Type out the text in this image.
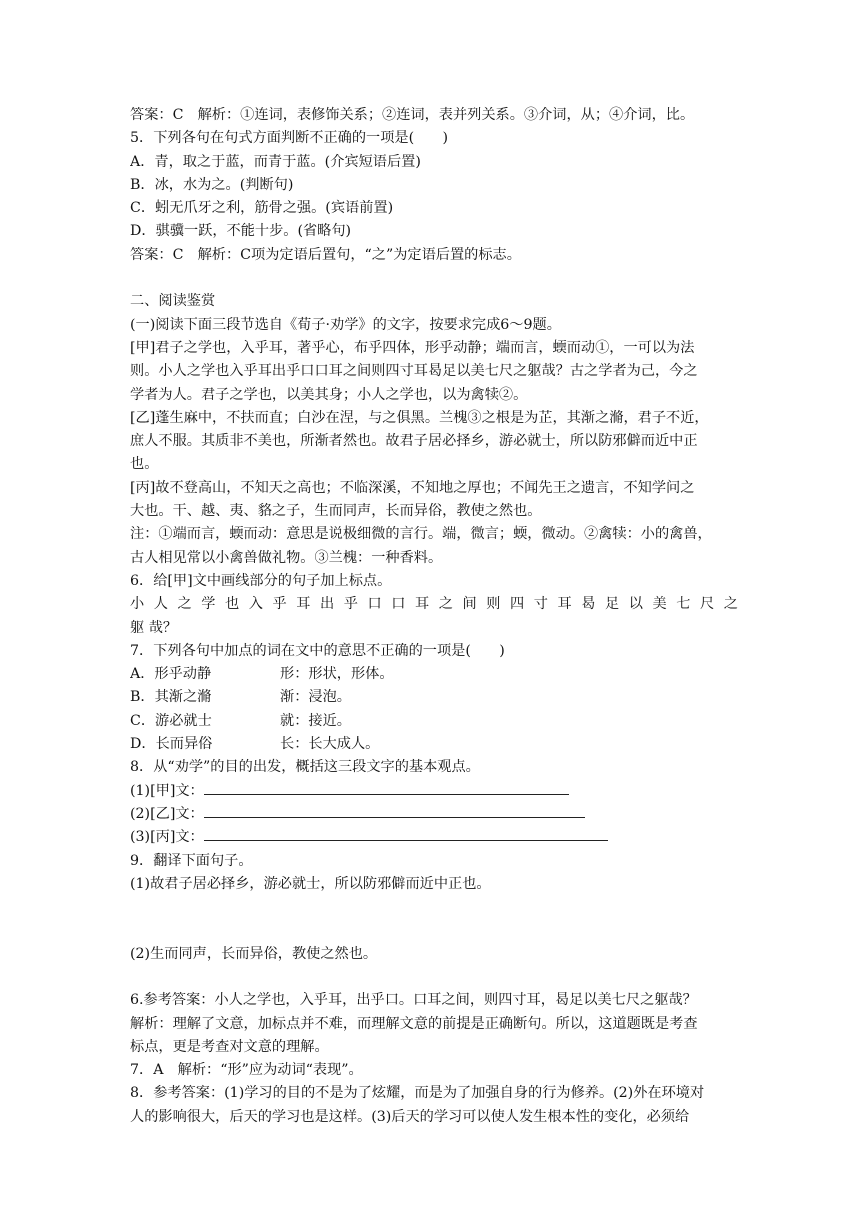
答案：C　解析：①连词，表修饰关系；②连词，表并列关系。③介词，从；④介词，比。
5．下列各句在句式方面判断不正确的一项是(　　)
A．青，取之于蓝，而青于蓝。(介宾短语后置)
B．冰，水为之。(判断句)
C．蚓无爪牙之利，筋骨之强。(宾语前置)
D．骐骥一跃，不能十步。(省略句)
答案：C　解析：C项为定语后置句，“之”为定语后置的标志。
二、阅读鉴赏
(一)阅读下面三段节选自《荀子·劝学》的文字，按要求完成6～9题。
[甲]君子之学也，入乎耳，著乎心，布乎四体，形乎动静；端而言，蝡而动①，一可以为法
则。小人之学也入乎耳出乎口口耳之间则四寸耳曷足以美七尺之躯哉？古之学者为己，今之
学者为人。君子之学也，以美其身；小人之学也，以为禽犊②。
[乙]蓬生麻中，不扶而直；白沙在涅，与之俱黑。兰槐③之根是为芷，其渐之滫，君子不近，
庶人不服。其质非不美也，所渐者然也。故君子居必择乡，游必就士，所以防邪僻而近中正
也。
[丙]故不登高山，不知天之高也；不临深溪，不知地之厚也；不闻先王之遗言，不知学问之
大也。干、越、夷、貉之子，生而同声，长而异俗，教使之然也。
注：①端而言，蝡而动：意思是说极细微的言行。端，微言；蝡，微动。②禽犊：小的禽兽，
古人相见常以小禽兽做礼物。③兰槐：一种香料。
6．给[甲]文中画线部分的句子加上标点。
小 人 之 学 也 入 乎 耳 出 乎 口 口 耳 之 间 则 四 寸 耳 曷 足 以 美 七 尺 之
躯 哉？
7．下列各句中加点的词在文中的意思不正确的一项是(　　)
A．形乎动静	形：形状，形体。
B．其渐之滫	渐：浸泡。
C．游必就士	就：接近。
D．长而异俗	长：长大成人。
8．从“劝学”的目的出发，概括这三段文字的基本观点。
(1)[甲]文：
(2)[乙]文：
(3)[丙]文：
9．翻译下面句子。
(1)故君子居必择乡，游必就士，所以防邪僻而近中正也。
(2)生而同声，长而异俗，教使之然也。
6.参考答案：小人之学也，入乎耳，出乎口。口耳之间，则四寸耳，曷足以美七尺之躯哉？
解析：理解了文意，加标点并不难，而理解文意的前提是正确断句。所以，这道题既是考查
标点，更是考查对文意的理解。
7．A　解析：“形”应为动词“表现”。
8．参考答案：(1)学习的目的不是为了炫耀，而是为了加强自身的行为修养。(2)外在环境对
人的影响很大，后天的学习也是这样。(3)后天的学习可以使人发生根本性的变化，必须给
